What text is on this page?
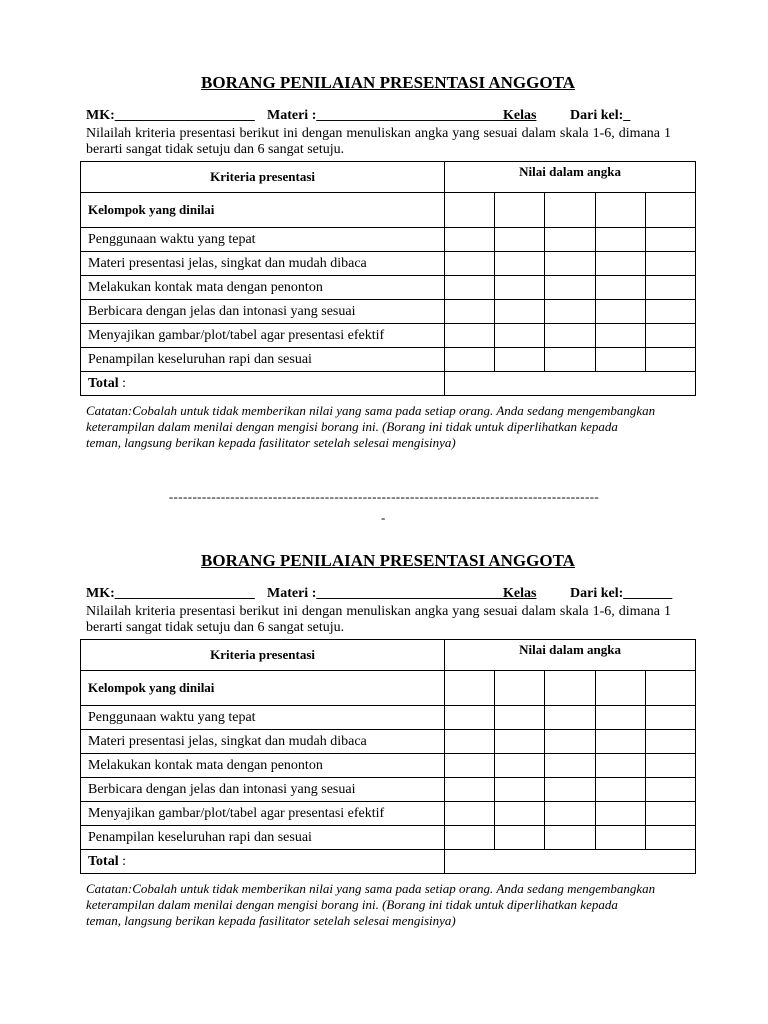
BORANG PENILAIAN PRESENTASI ANGGOTA
MK:____________________ Materi :___________________________
Kelas Dari kel:_
Nilailah kriteria presentasi berikut ini dengan menuliskan angka yang sesuai dalam skala 1-6, dimana 1 berarti sangat tidak setuju dan 6 sangat setuju.
Kriteria presentasi	Nilai dalam angka				
Kelompok yang dinilai					
Penggunaan waktu yang tepat					
Materi presentasi jelas, singkat dan mudah dibaca					
Melakukan kontak mata dengan penonton					
Berbicara dengan jelas dan intonasi yang sesuai					
Menyajikan gambar/plot/tabel agar presentasi efektif					
Penampilan keseluruhan rapi dan sesuai					
Total :					
Catatan:Cobalah untuk tidak memberikan nilai yang sama pada setiap orang. Anda sedang mengembangkan keterampilan dalam menilai dengan mengisi borang ini. (Borang ini tidak untuk diperlihatkan kepada teman, langsung berikan kepada fasilitator setelah selesai mengisinya)
-------------------------------------------------------------------------------------------
-
BORANG PENILAIAN PRESENTASI ANGGOTA
MK:____________________ Materi :___________________________
Kelas Dari kel:_______
Nilailah kriteria presentasi berikut ini dengan menuliskan angka yang sesuai dalam skala 1-6, dimana 1 berarti sangat tidak setuju dan 6 sangat setuju.
Kriteria presentasi	Nilai dalam angka				
Kelompok yang dinilai					
Penggunaan waktu yang tepat					
Materi presentasi jelas, singkat dan mudah dibaca					
Melakukan kontak mata dengan penonton					
Berbicara dengan jelas dan intonasi yang sesuai					
Menyajikan gambar/plot/tabel agar presentasi efektif					
Penampilan keseluruhan rapi dan sesuai					
Total :					
Catatan:Cobalah untuk tidak memberikan nilai yang sama pada setiap orang. Anda sedang mengembangkan keterampilan dalam menilai dengan mengisi borang ini. (Borang ini tidak untuk diperlihatkan kepada teman, langsung berikan kepada fasilitator setelah selesai mengisinya)
